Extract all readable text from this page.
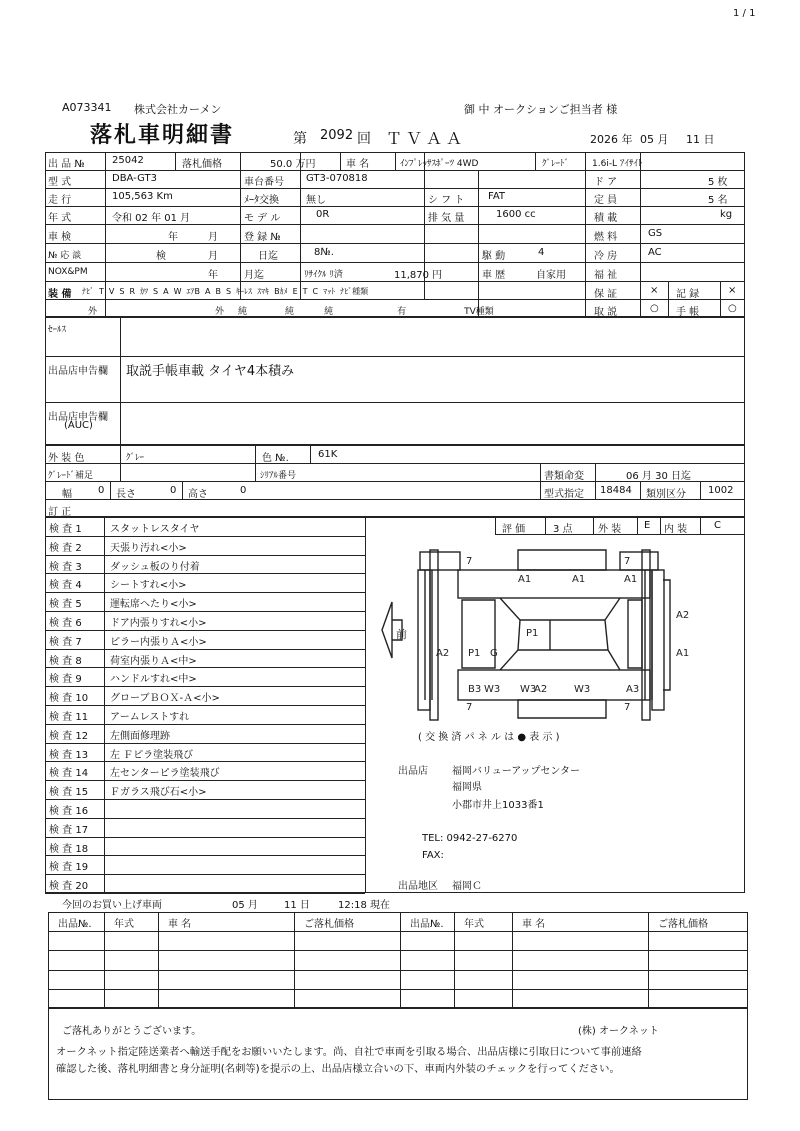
1 / 1
A073341 株式会社カーメン	御 中 オークションご担当者 様
落札車明細書	第 2092 回 ＴＶＡＡ	2026 年 05 月 11 日
出 品 №	25042	落札価格	50.0 万円	車 名	ｲﾝﾌﾟﾚｯｻｽﾎﾟｰﾂ 4WD	ｸﾞﾚｰﾄﾞ	1.6i-L ｱｲｻｲﾄ
型 式	DBA-GT3	車台番号 GT3-070818	ド ア	5 枚
走 行	105,563 Km	ﾒｰﾀ交換	無し	シ フ ト FAT	定 員	5 名
年 式	令和 02 年 01 月	モ デ ル	0R	排 気 量	1600 cc	積 載	kg
車 検	年	月	登 録 №	燃 料	GS
№ 応 談	検	月	日迄	8№.	駆 動	4	冷 房	AC
NOX&PM	年	月迄	ﾘｻｲｸﾙ ﾘ済	11,870 円	車 歴	自家用	福 祉
装 備 ﾅﾋﾞ T V S R ｶﾜ S A W ｴｱB A B S ｷｰﾚｽ ｽﾏｷ Bｶﾒ E T C ﾏｯﾄ ﾅﾋﾞ種類
外	外 純	純	純	有	TV種類
保 証	× 記 録	×
取 説	○ 手 帳	○
ｾｰﾙｽ
出品店申告欄 取説手帳車載 タイヤ4本積み
出品店申告欄
(AUC)
外 装 色	ｸﾞﾚｰ	色 №.	61K
ｸﾞﾚｰﾄﾞ補足	ｼﾘｱﾙ番号	書類命変	06 月 30 日迄
幅	0 長さ	0 高さ	0	型式指定 18484 類別区分 1002
訂 正
検 査 1	スタットレスタイヤ
検 査 2	天張り汚れ<小>
検 査 3	ダッシュ板のり付着
検 査 4	シートすれ<小>
検 査 5	運転席へたり<小>
検 査 6	ドア内張りすれ<小>
検 査 7	ピラー内張りＡ<小>
検 査 8	荷室内張りＡ<中>
検 査 9	ハンドルすれ<中>
検 査 10 グローブＢＯＸ-Ａ<小>
検 査 11 アームレストすれ
検 査 12 左側面修理跡
検 査 13 左 Ｆピラ塗装飛び
検 査 14 左センターピラ塗装飛び
検 査 15 Ｆガラス飛び石<小>
検 査 16
検 査 17
検 査 18
検 査 19
検 査 20
評 価	3 点	外 装 E 内 装	C
7	7
A1	A1	A1
A2
P1
A2 P1 G	A1
B3 W3 W3
A2	W3	A3
7	7
前
( 交 換 済 パ ネ ル は ● 表 示 )
出品店 福岡バリューアップセンター
福岡県
小郡市井上1033番1
TEL: 0942-27-6270
FAX:
出品地区 福岡Ｃ
今回のお買い上げ車両	05 月	11 日	12:18 現在
出品№. 年式	車 名	ご落札価格	出品№. 年式	車 名	ご落札価格
ご落札ありがとうございます。	(株) オークネット
オークネット指定陸送業者へ輸送手配をお願いいたします。尚、自社で車両を引取る場合、出品店様に引取日について事前連絡
確認した後、落札明細書と身分証明(名刺等)を提示の上、出品店様立合いの下、車両内外装のチェックを行ってください。
